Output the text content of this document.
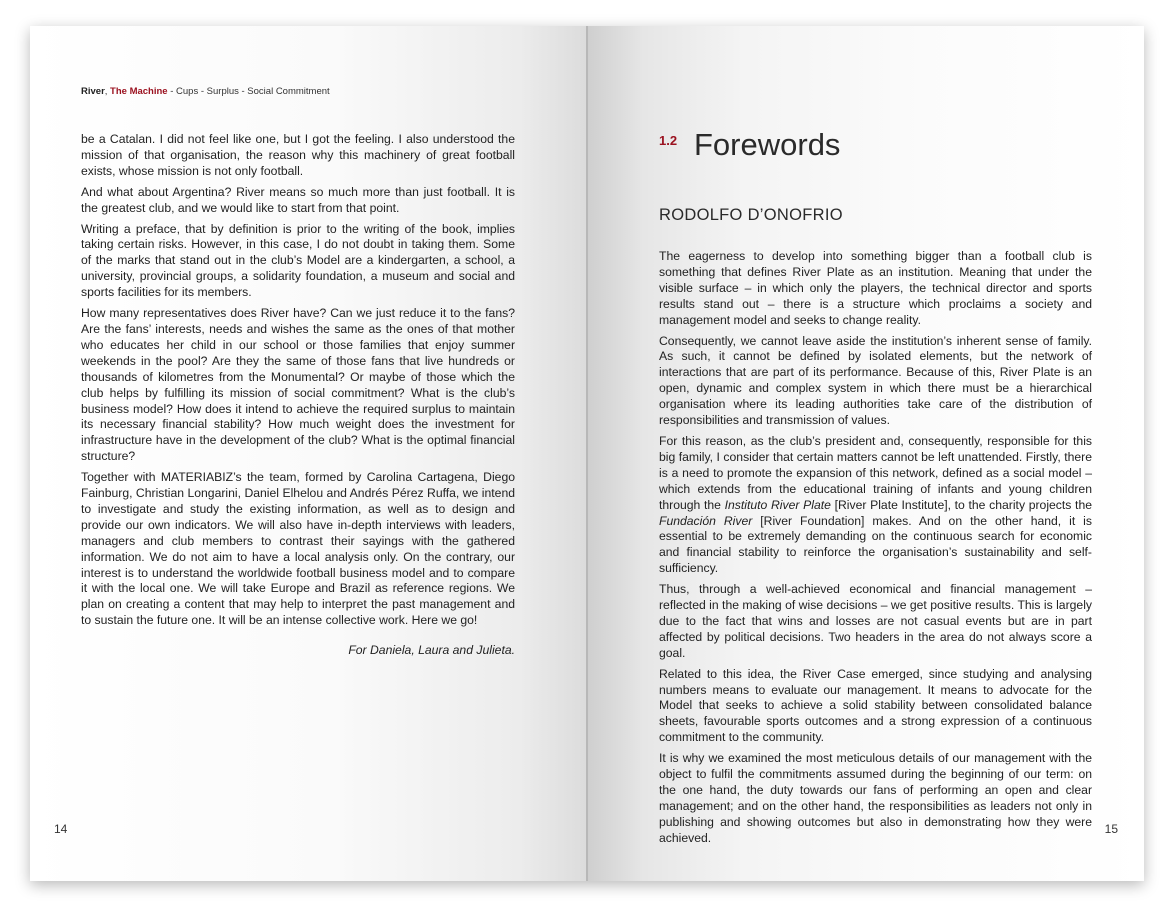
River, The Machine - Cups - Surplus - Social Commitment

be a Catalan. I did not feel like one, but I got the feeling. I also understood the mission of that organisation, the reason why this machinery of great football exists, whose mission is not only football.

And what about Argentina? River means so much more than just football. It is the greatest club, and we would like to start from that point.

Writing a preface, that by definition is prior to the writing of the book, implies taking certain risks. However, in this case, I do not doubt in taking them. Some of the marks that stand out in the club’s Model are a kindergarten, a school, a university, provincial groups, a solidarity foundation, a museum and social and sports facilities for its members.

How many representatives does River have? Can we just reduce it to the fans? Are the fans’ interests, needs and wishes the same as the ones of that mother who educates her child in our school or those families that enjoy summer weekends in the pool? Are they the same of those fans that live hundreds or thousands of kilometres from the Monumental? Or maybe of those which the club helps by fulfilling its mission of social commitment? What is the club’s business model? How does it intend to achieve the required surplus to maintain its necessary financial stability? How much weight does the investment for infrastructure have in the development of the club? What is the optimal financial structure?

Together with MATERIABIZ’s the team, formed by Carolina Cartagena, Diego Fainburg, Christian Longarini, Daniel Elhelou and Andrés Pérez Ruffa, we intend to investigate and study the existing information, as well as to design and provide our own indicators. We will also have in-depth interviews with leaders, managers and club members to contrast their sayings with the gathered information. We do not aim to have a local analysis only. On the contrary, our interest is to understand the worldwide football business model and to compare it with the local one. We will take Europe and Brazil as reference regions. We plan on creating a content that may help to interpret the past management and to sustain the future one. It will be an intense collective work. Here we go!

For Daniela, Laura and Julieta.
14
1.2 Forewords
RODOLFO D’ONOFRIO

The eagerness to develop into something bigger than a football club is something that defines River Plate as an institution. Meaning that under the visible surface – in which only the players, the technical director and sports results stand out – there is a structure which proclaims a society and management model and seeks to change reality.

Consequently, we cannot leave aside the institution’s inherent sense of family. As such, it cannot be defined by isolated elements, but the network of interactions that are part of its performance. Because of this, River Plate is an open, dynamic and complex system in which there must be a hierarchical organisation where its leading authorities take care of the distribution of responsibilities and transmission of values.

For this reason, as the club’s president and, consequently, responsible for this big family, I consider that certain matters cannot be left unattended. Firstly, there is a need to promote the expansion of this network, defined as a social model – which extends from the educational training of infants and young children through the Instituto River Plate [River Plate Institute], to the charity projects the Fundación River [River Foundation] makes. And on the other hand, it is essential to be extremely demanding on the continuous search for economic and financial stability to reinforce the organisation’s sustainability and self-sufficiency.

Thus, through a well-achieved economical and financial management – reflected in the making of wise decisions – we get positive results. This is largely due to the fact that wins and losses are not casual events but are in part affected by political decisions. Two headers in the area do not always score a goal.

Related to this idea, the River Case emerged, since studying and analysing numbers means to evaluate our management. It means to advocate for the Model that seeks to achieve a solid stability between consolidated balance sheets, favourable sports outcomes and a strong expression of a continuous commitment to the community.

It is why we examined the most meticulous details of our management with the object to fulfil the commitments assumed during the beginning of our term: on the one hand, the duty towards our fans of performing an open and clear management; and on the other hand, the responsibilities as leaders not only in publishing and showing outcomes but also in demonstrating how they were achieved.

15
